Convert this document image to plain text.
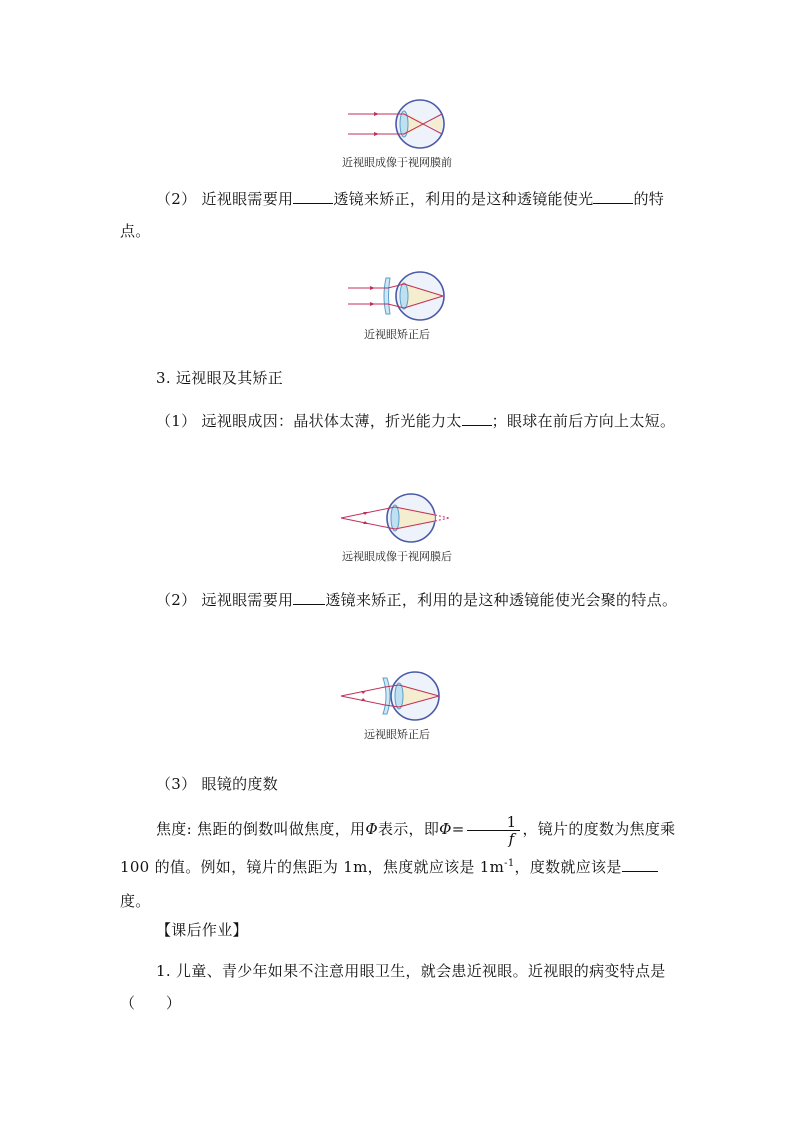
近视眼成像于视网膜前
（2） 近视眼需要用	透镜来矫正，利用的是这种透镜能使光	的特点。
近视眼矫正后
3. 远视眼及其矫正
（1） 远视眼成因：晶状体太薄，折光能力太 ；眼球在前后方向上太短。
远视眼成像于视网膜后
（2） 远视眼需要用 透镜来矫正，利用的是这种透镜能使光会聚的特点。
远视眼矫正后
（3） 眼镜的度数
焦度: 焦距的倒数叫做焦度，用Φ表示，即$\Phi= \frac{1}{f}$ ，镜片的度数为焦度乘 100 的值。例如，镜片的焦距为 1m，焦度就应该是 $1m^{-1}$，度数就应该是度。
【课后作业】
1. 儿童、青少年如果不注意用眼卫生，就会患近视眼。近视眼的病变特点是（　　）
